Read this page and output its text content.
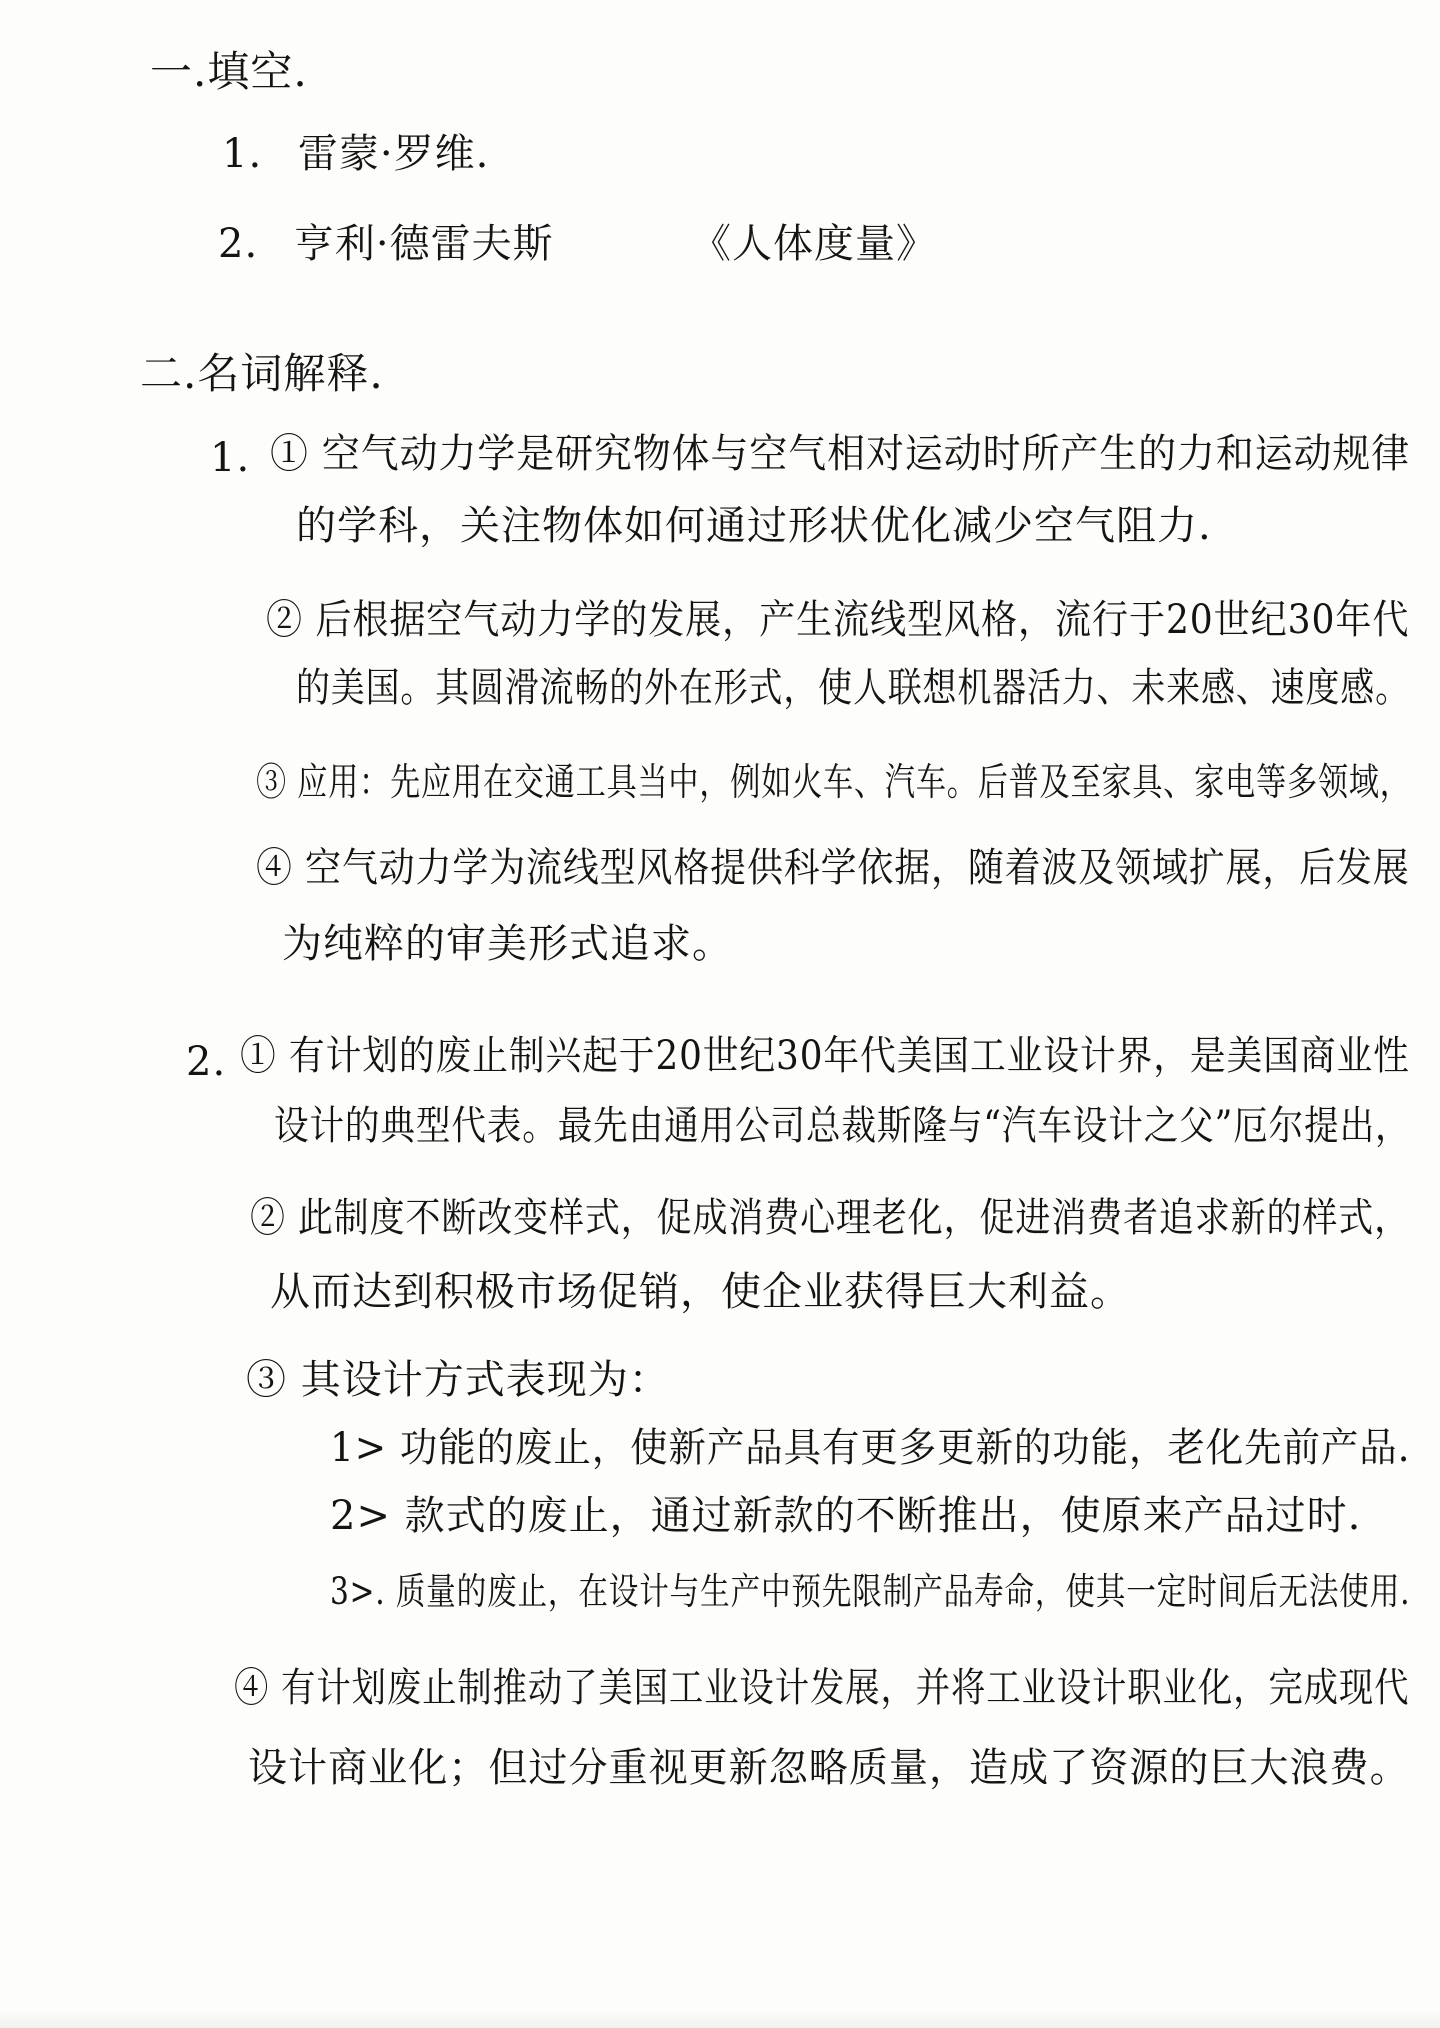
一.填空.
1. 雷蒙·罗维.
2. 亨利·德雷夫斯	《人体度量》
二.名词解释.
1. ① 空气动力学是研究物体与空气相对运动时所产生的力和运动规律
的学科，关注物体如何通过形状优化减少空气阻力.
② 后根据空气动力学的发展，产生流线型风格，流行于20世纪30年代
的美国。其圆滑流畅的外在形式，使人联想机器活力、未来感、速度感。
③ 应用：先应用在交通工具当中，例如火车、汽车。后普及至家具、家电等多领域，
④ 空气动力学为流线型风格提供科学依据，随着波及领域扩展，后发展
为纯粹的审美形式追求。
2. ① 有计划的废止制兴起于20世纪30年代美国工业设计界，是美国商业性
设计的典型代表。最先由通用公司总裁斯隆与“汽车设计之父”厄尔提出，
② 此制度不断改变样式，促成消费心理老化，促进消费者追求新的样式，
从而达到积极市场促销，使企业获得巨大利益。
③ 其设计方式表现为：
1> 功能的废止，使新产品具有更多更新的功能，老化先前产品.
2> 款式的废止，通过新款的不断推出，使原来产品过时.
3>. 质量的废止，在设计与生产中预先限制产品寿命，使其一定时间后无法使用.
④ 有计划废止制推动了美国工业设计发展，并将工业设计职业化，完成现代
设计商业化；但过分重视更新忽略质量，造成了资源的巨大浪费。
